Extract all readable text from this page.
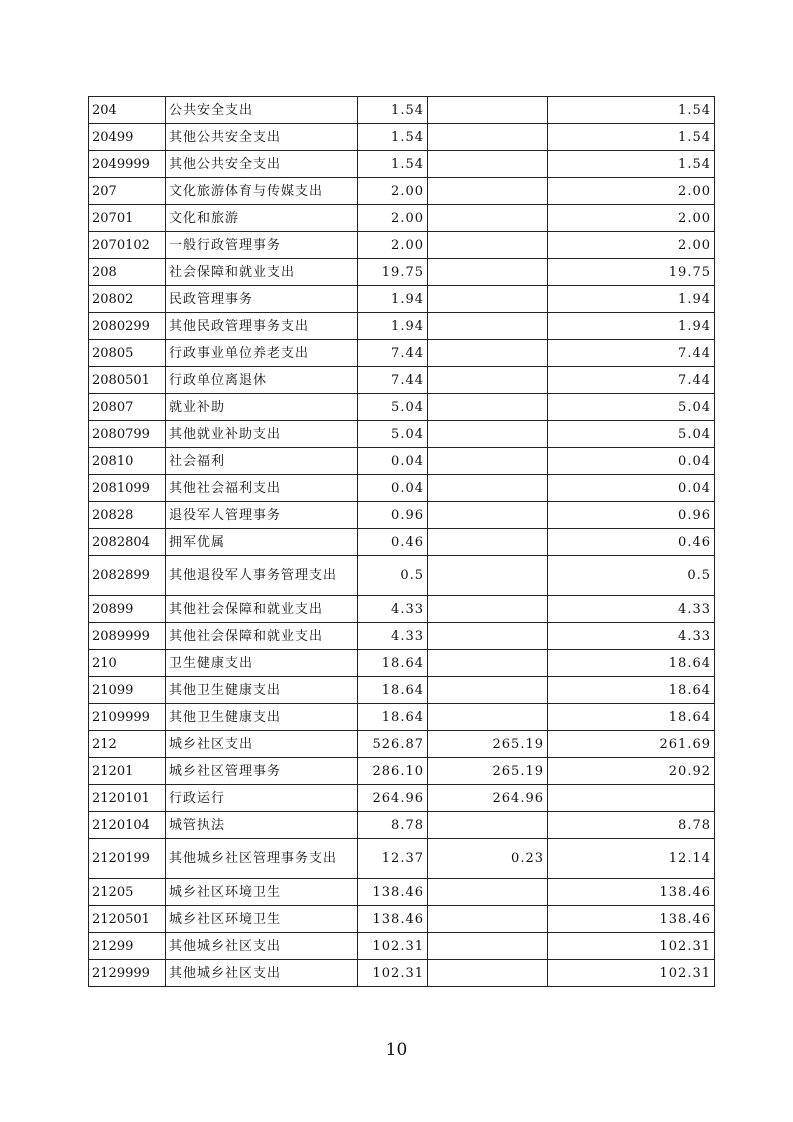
204	公共安全支出	1.54		1.54
20499	其他公共安全支出	1.54		1.54
2049999	其他公共安全支出	1.54		1.54
207	文化旅游体育与传媒支出	2.00		2.00
20701	文化和旅游	2.00		2.00
2070102	一般行政管理事务	2.00		2.00
208	社会保障和就业支出	19.75		19.75
20802	民政管理事务	1.94		1.94
2080299	其他民政管理事务支出	1.94		1.94
20805	行政事业单位养老支出	7.44		7.44
2080501	行政单位离退休	7.44		7.44
20807	就业补助	5.04		5.04
2080799	其他就业补助支出	5.04		5.04
20810	社会福利	0.04		0.04
2081099	其他社会福利支出	0.04		0.04
20828	退役军人管理事务	0.96		0.96
2082804	拥军优属	0.46		0.46
2082899	其他退役军人事务管理支出	0.5		0.5
20899	其他社会保障和就业支出	4.33		4.33
2089999	其他社会保障和就业支出	4.33		4.33
210	卫生健康支出	18.64		18.64
21099	其他卫生健康支出	18.64		18.64
2109999	其他卫生健康支出	18.64		18.64
212	城乡社区支出	526.87	265.19	261.69
21201	城乡社区管理事务	286.10	265.19	20.92
2120101	行政运行	264.96	264.96	
2120104	城管执法	8.78		8.78
2120199	其他城乡社区管理事务支出	12.37	0.23	12.14
21205	城乡社区环境卫生	138.46		138.46
2120501	城乡社区环境卫生	138.46		138.46
21299	其他城乡社区支出	102.31		102.31
2129999	其他城乡社区支出	102.31		102.31
10
